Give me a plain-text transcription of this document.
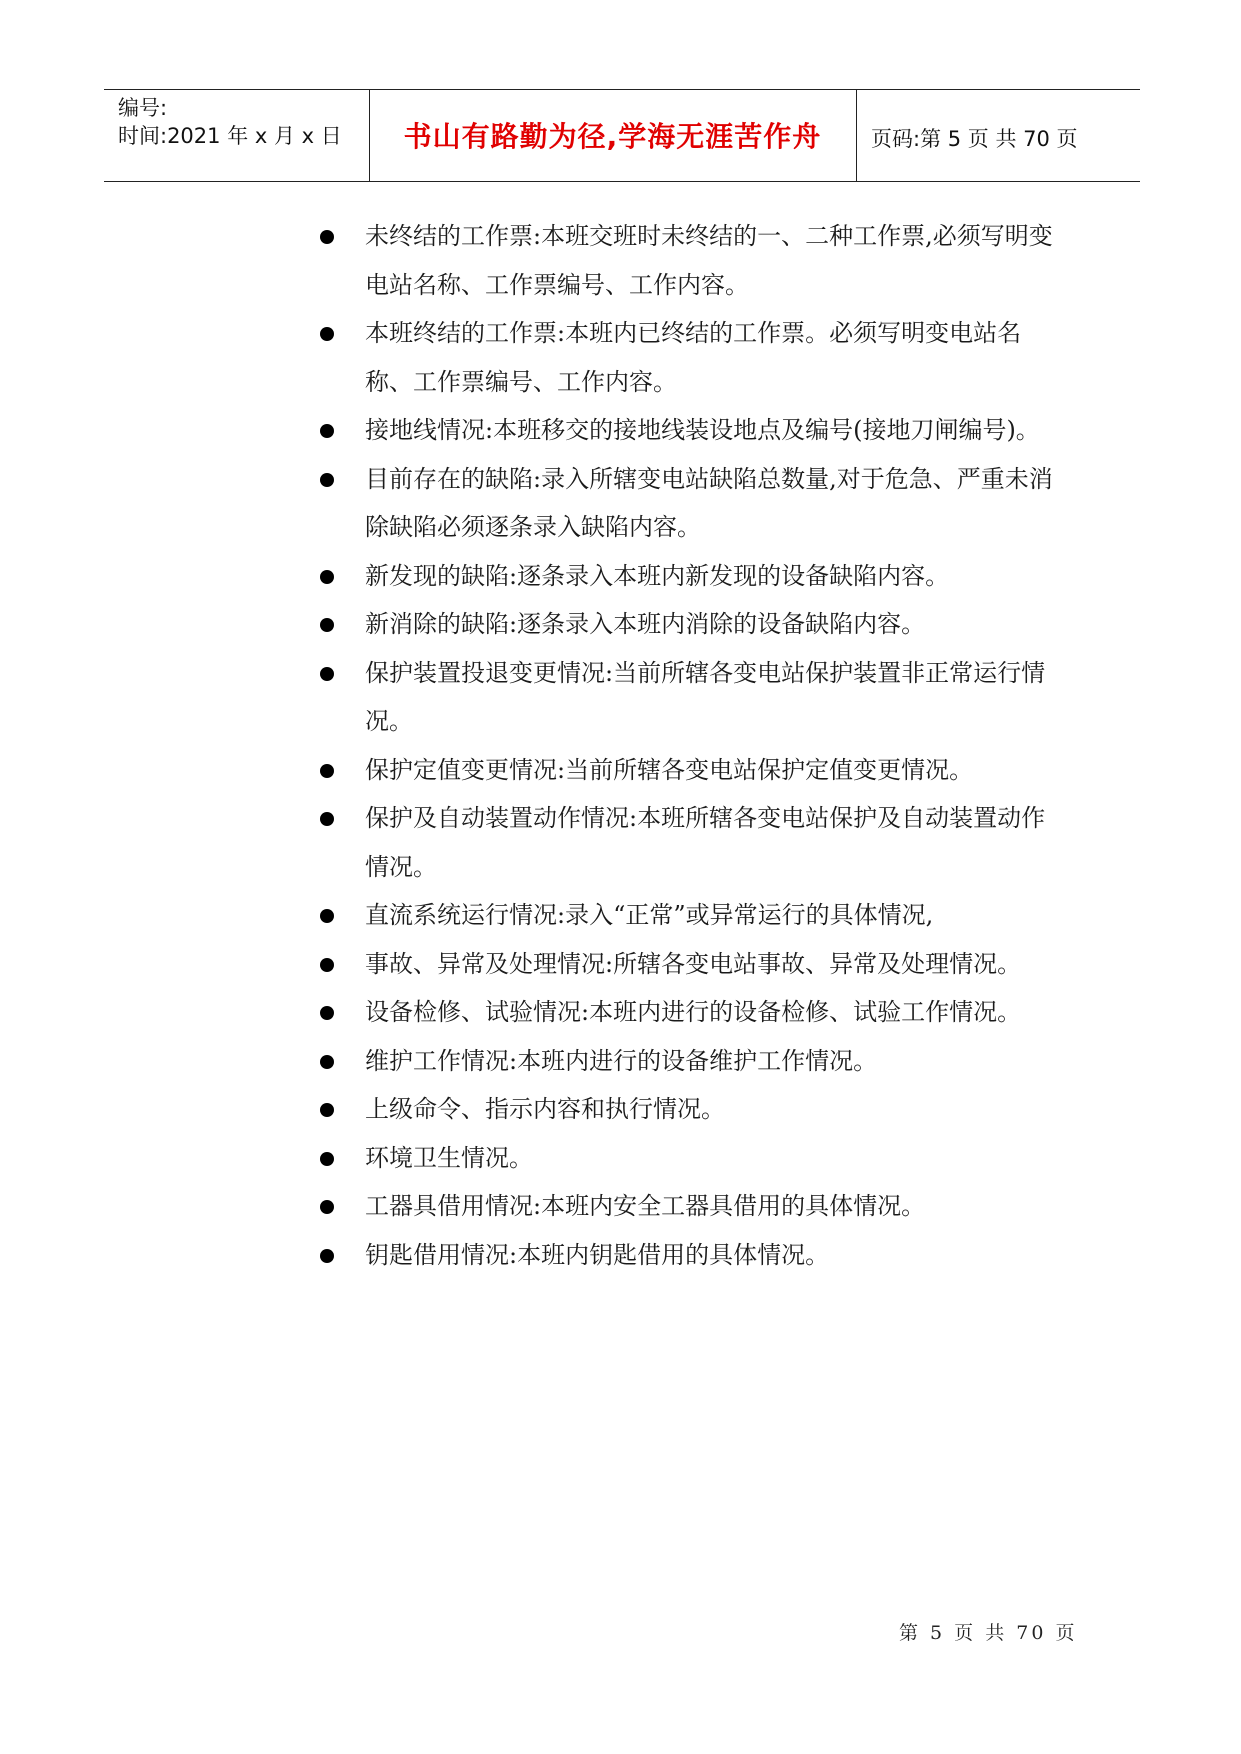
编号:
时间:2021 年 x 月 x 日	书山有路勤为径,学海无涯苦作舟	页码:第 5 页 共 70 页
未终结的工作票:本班交班时未终结的一、二种工作票,必须写明变电站名称、工作票编号、工作内容。
本班终结的工作票:本班内已终结的工作票。必须写明变电站名称、工作票编号、工作内容。
接地线情况:本班移交的接地线装设地点及编号(接地刀闸编号)。
目前存在的缺陷:录入所辖变电站缺陷总数量,对于危急、严重未消除缺陷必须逐条录入缺陷内容。
新发现的缺陷:逐条录入本班内新发现的设备缺陷内容。
新消除的缺陷:逐条录入本班内消除的设备缺陷内容。
保护装置投退变更情况:当前所辖各变电站保护装置非正常运行情况。
保护定值变更情况:当前所辖各变电站保护定值变更情况。
保护及自动装置动作情况:本班所辖各变电站保护及自动装置动作情况。
直流系统运行情况:录入“正常”或异常运行的具体情况,
事故、异常及处理情况:所辖各变电站事故、异常及处理情况。
设备检修、试验情况:本班内进行的设备检修、试验工作情况。
维护工作情况:本班内进行的设备维护工作情况。
上级命令、指示内容和执行情况。
环境卫生情况。
工器具借用情况:本班内安全工器具借用的具体情况。
钥匙借用情况:本班内钥匙借用的具体情况。
第 5 页 共 70 页
